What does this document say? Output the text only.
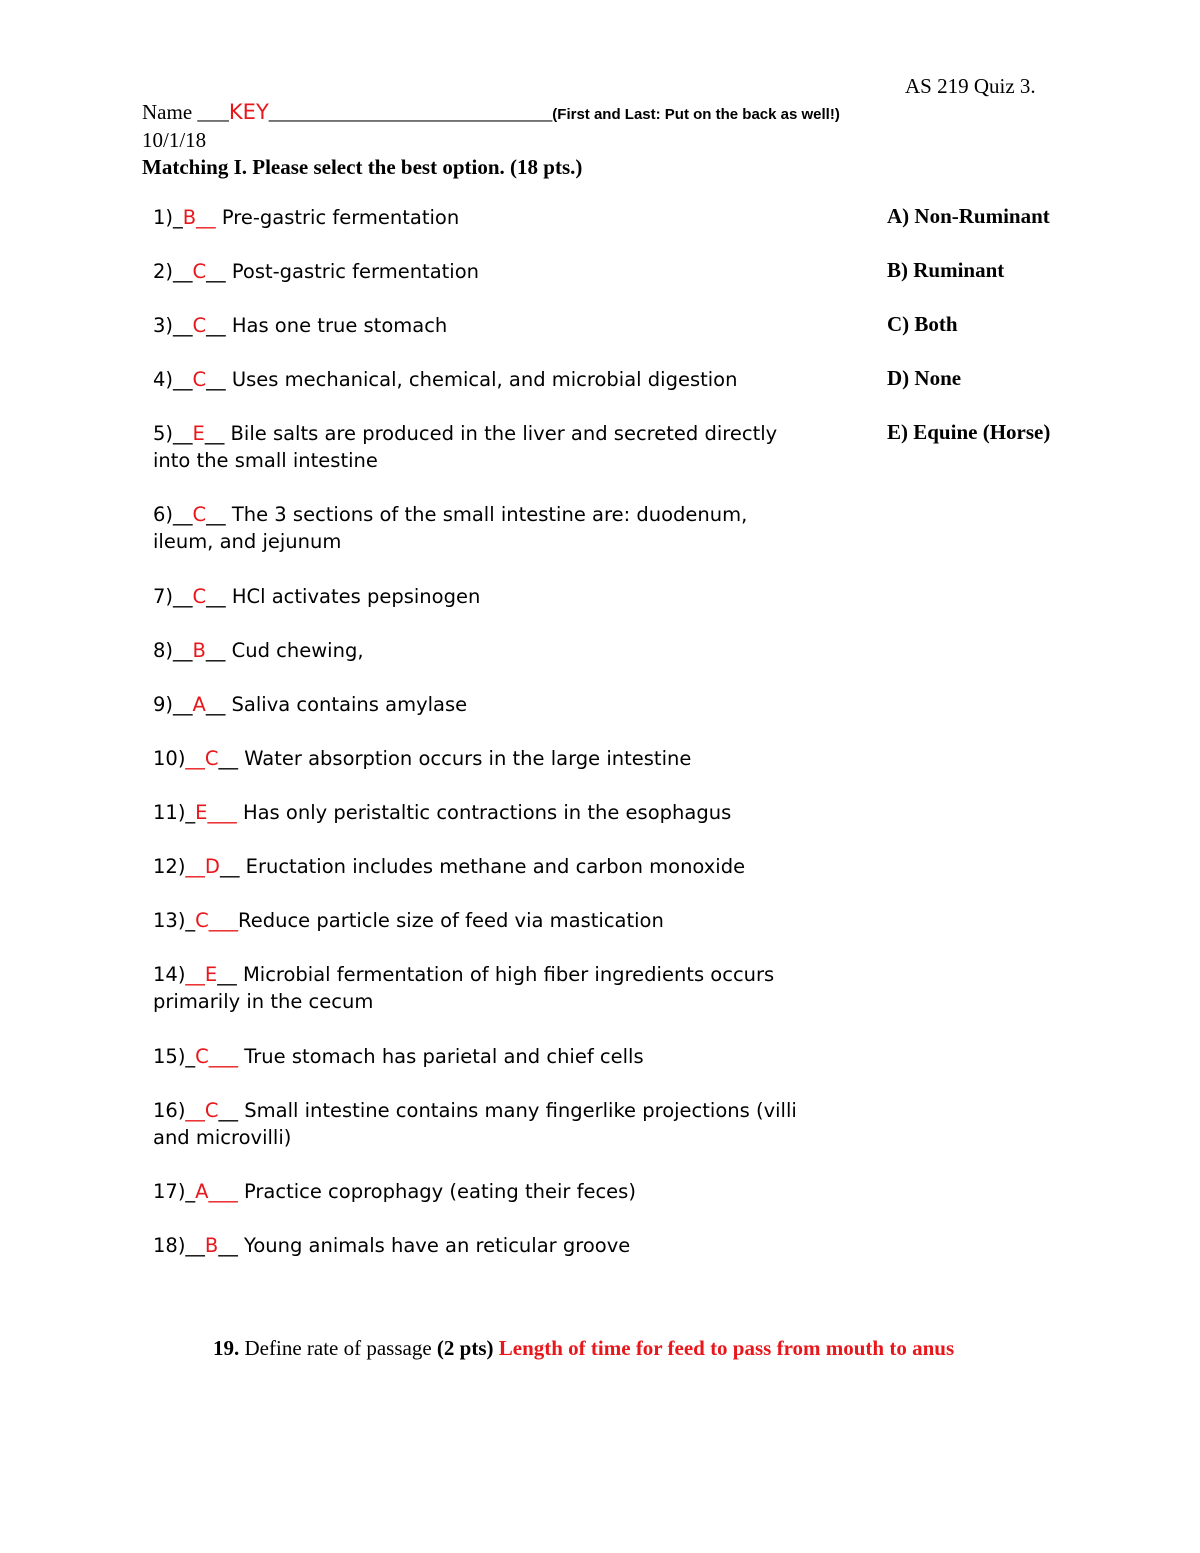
AS 219 Quiz 3.
Name ___KEY___________________________(First and Last: Put on the back as well!)
10/1/18
Matching I. Please select the best option. (18 pts.)
1)_B__ Pre-gastric fermentation
2)__C__ Post-gastric fermentation
3)__C__ Has one true stomach
4)__C__ Uses mechanical, chemical, and microbial digestion
5)__E__ Bile salts are produced in the liver and secreted directly into the small intestine
6)__C__ The 3 sections of the small intestine are: duodenum, ileum, and jejunum
7)__C__ HCl activates pepsinogen
8)__B__ Cud chewing,
9)__A__ Saliva contains amylase
10)__C__ Water absorption occurs in the large intestine
11)_E___ Has only peristaltic contractions in the esophagus
12)__D__ Eructation includes methane and carbon monoxide
13)_C___Reduce particle size of feed via mastication
14)__E__ Microbial fermentation of high fiber ingredients occurs primarily in the cecum
15)_C___ True stomach has parietal and chief cells
16)__C__ Small intestine contains many fingerlike projections (villi and microvilli)
17)_A___ Practice coprophagy (eating their feces)
18)__B__ Young animals have an reticular groove
A) Non-Ruminant
B) Ruminant
C) Both
D) None
E) Equine (Horse)
19. Define rate of passage (2 pts) Length of time for feed to pass from mouth to anus
